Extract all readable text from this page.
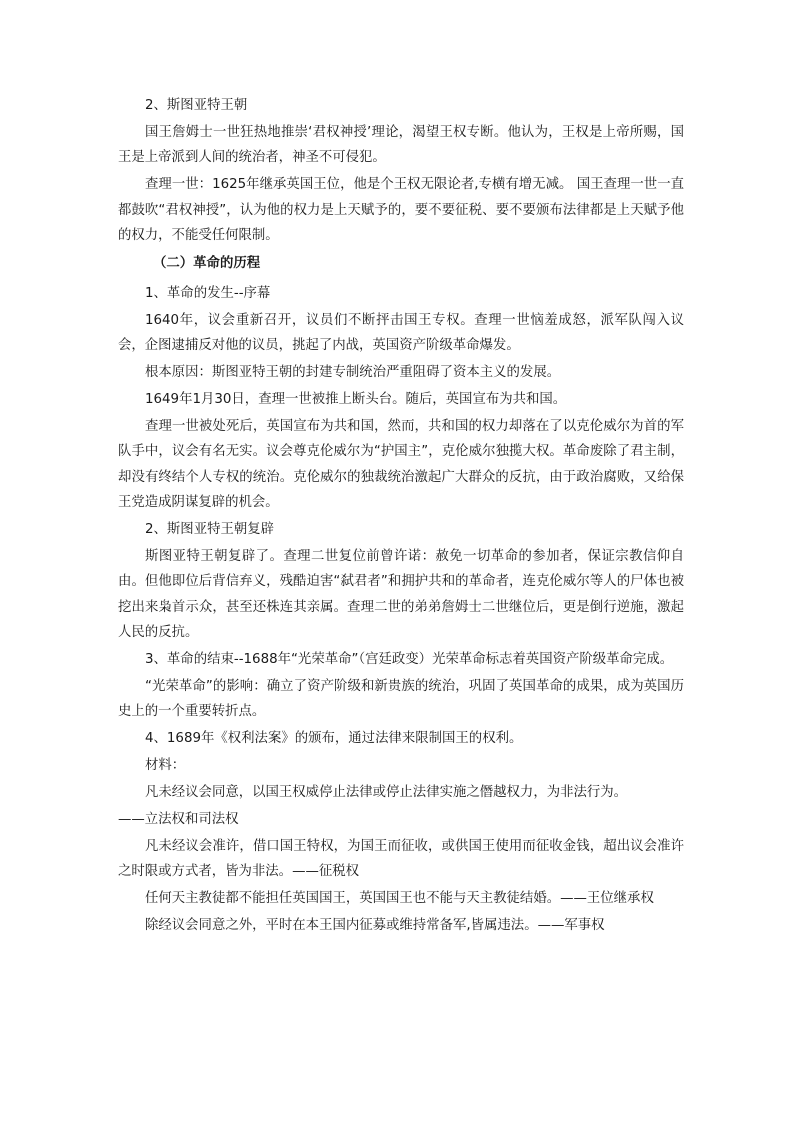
2、斯图亚特王朝

国王詹姆士一世狂热地推崇‘君权神授’理论，渴望王权专断。他认为，王权是上帝所赐，国王是上帝派到人间的统治者，神圣不可侵犯。

查理一世：1625年继承英国王位，他是个王权无限论者,专横有增无减。 国王查理一世一直都鼓吹“君权神授”，认为他的权力是上天赋予的，要不要征税、要不要颁布法律都是上天赋予他的权力，不能受任何限制。

（二）革命的历程

1、革命的发生--序幕

1640年，议会重新召开，议员们不断抨击国王专权。查理一世恼羞成怒，派军队闯入议会，企图逮捕反对他的议员，挑起了内战，英国资产阶级革命爆发。

根本原因：斯图亚特王朝的封建专制统治严重阻碍了资本主义的发展。

1649年1月30日，查理一世被推上断头台。随后，英国宣布为共和国。

查理一世被处死后，英国宣布为共和国，然而，共和国的权力却落在了以克伦威尔为首的军队手中，议会有名无实。议会尊克伦威尔为“护国主”，克伦威尔独揽大权。革命废除了君主制，却没有终结个人专权的统治。克伦威尔的独裁统治激起广大群众的反抗，由于政治腐败，又给保王党造成阴谋复辟的机会。

2、斯图亚特王朝复辟

斯图亚特王朝复辟了。查理二世复位前曾许诺：赦免一切革命的参加者，保证宗教信仰自由。但他即位后背信弃义，残酷迫害“弑君者”和拥护共和的革命者，连克伦威尔等人的尸体也被挖出来枭首示众，甚至还株连其亲属。查理二世的弟弟詹姆士二世继位后，更是倒行逆施，激起人民的反抗。

3、革命的结束--1688年“光荣革命”（宫廷政变）光荣革命标志着英国资产阶级革命完成。

“光荣革命”的影响：确立了资产阶级和新贵族的统治，巩固了英国革命的成果，成为英国历史上的一个重要转折点。

4、1689年《权利法案》的颁布，通过法律来限制国王的权利。

材料：

凡未经议会同意，以国王权威停止法律或停止法律实施之僭越权力，为非法行为。

——立法权和司法权

凡未经议会准许，借口国王特权，为国王而征收，或供国王使用而征收金钱，超出议会准许之时限或方式者，皆为非法。——征税权

任何天主教徒都不能担任英国国王，英国国王也不能与天主教徒结婚。——王位继承权

除经议会同意之外，平时在本王国内征募或维持常备军,皆属违法。——军事权
